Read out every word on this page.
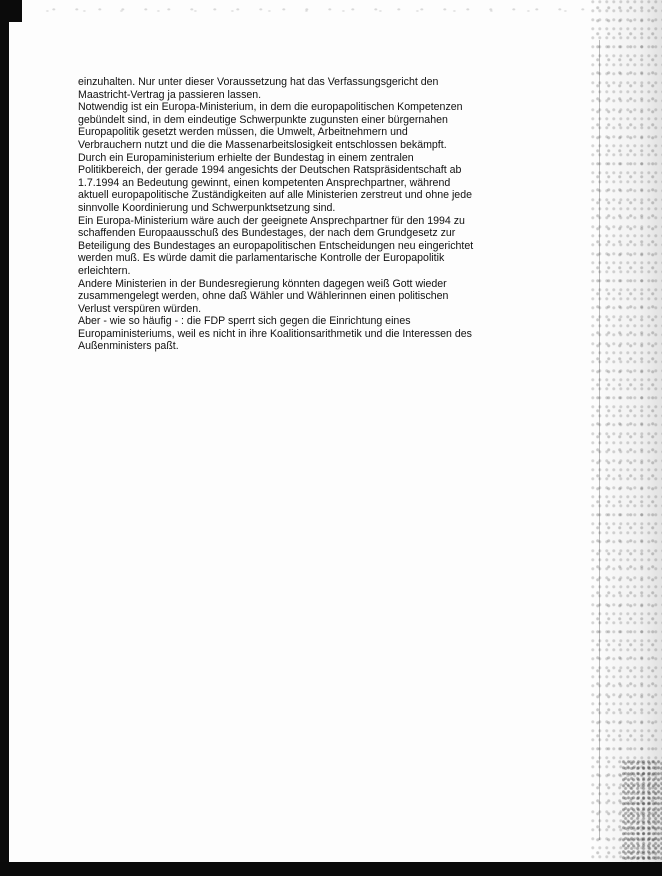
einzuhalten. Nur unter dieser Voraussetzung hat das Verfassungsgericht den
Maastricht-Vertrag ja passieren lassen.

Notwendig ist ein Europa-Ministerium, in dem die europapolitischen Kompetenzen
gebündelt sind, in dem eindeutige Schwerpunkte zugunsten einer bürgernahen
Europapolitik gesetzt werden müssen, die Umwelt, Arbeitnehmern und
Verbrauchern nutzt und die die Massenarbeitslosigkeit entschlossen bekämpft.

Durch ein Europaministerium erhielte der Bundestag in einem zentralen
Politikbereich, der gerade 1994 angesichts der Deutschen Ratspräsidentschaft ab
1.7.1994 an Bedeutung gewinnt, einen kompetenten Ansprechpartner, während
aktuell europapolitische Zuständigkeiten auf alle Ministerien zerstreut und ohne jede
sinnvolle Koordinierung und Schwerpunktsetzung sind.

Ein Europa-Ministerium wäre auch der geeignete Ansprechpartner für den 1994 zu
schaffenden Europaausschuß des Bundestages, der nach dem Grundgesetz zur
Beteiligung des Bundestages an europapolitischen Entscheidungen neu eingerichtet
werden muß. Es würde damit die parlamentarische Kontrolle der Europapolitik
erleichtern.

Andere Ministerien in der Bundesregierung könnten dagegen weiß Gott wieder
zusammengelegt werden, ohne daß Wähler und Wählerinnen einen politischen
Verlust verspüren würden.

Aber - wie so häufig - : die FDP sperrt sich gegen die Einrichtung eines
Europaministeriums, weil es nicht in ihre Koalitionsarithmetik und die Interessen des
Außenministers paßt.
